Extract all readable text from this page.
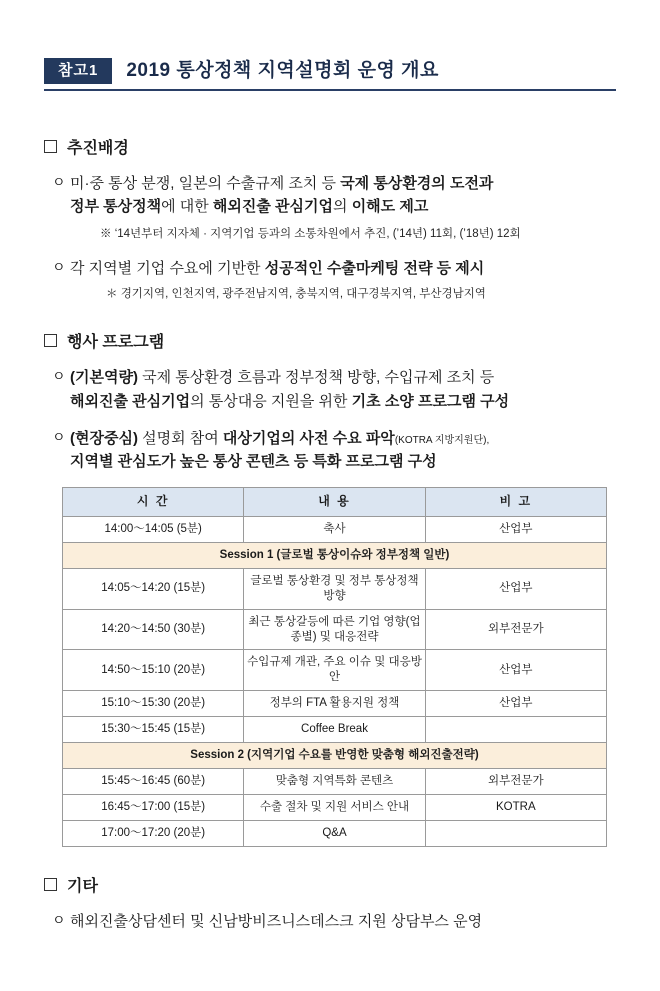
참고1	2019 통상정책 지역설명회 운영 개요
추진배경
ㅇ 미·중 통상 분쟁, 일본의 수출규제 조치 등 국제 통상환경의 도전과
정부 통상정책에 대한 해외진출 관심기업의 이해도 제고
※ ‘14년부터 지자체 · 지역기업 등과의 소통차원에서 추진, (’14년) 11회, (’18년) 12회
ㅇ 각 지역별 기업 수요에 기반한 성공적인 수출마케팅 전략 등 제시
＊ 경기지역, 인천지역, 광주전남지역, 충북지역, 대구경북지역, 부산경남지역
행사 프로그램
ㅇ (기본역량) 국제 통상환경 흐름과 정부정책 방향, 수입규제 조치 등
해외진출 관심기업의 통상대응 지원을 위한 기초 소양 프로그램 구성
ㅇ (현장중심) 설명회 참여 대상기업의 사전 수요 파악(KOTRA 지방지원단),
지역별 관심도가 높은 통상 콘텐츠 등 특화 프로그램 구성
시 간	내 용	비 고
14:00～14:05 (5분)	축사	산업부
Session 1 (글로벌 통상이슈와 정부정책 일반)		
14:05～14:20 (15분)	글로벌 통상환경 및 정부 통상정책 방향	산업부
14:20～14:50 (30분)	최근 통상갈등에 따른 기업 영향(업종별) 및 대응전략	외부전문가
14:50～15:10 (20분)	수입규제 개관, 주요 이슈 및 대응방안	산업부
15:10～15:30 (20분)	정부의 FTA 활용지원 정책	산업부
15:30～15:45 (15분)	Coffee Break	
Session 2 (지역기업 수요를 반영한 맞춤형 해외진출전략)		
15:45～16:45 (60분)	맞춤형 지역특화 콘텐츠	외부전문가
16:45～17:00 (15분)	수출 절차 및 지원 서비스 안내	KOTRA
17:00～17:20 (20분)	Q&A	
기타
ㅇ 해외진출상담센터 및 신남방비즈니스데스크 지원 상담부스 운영
